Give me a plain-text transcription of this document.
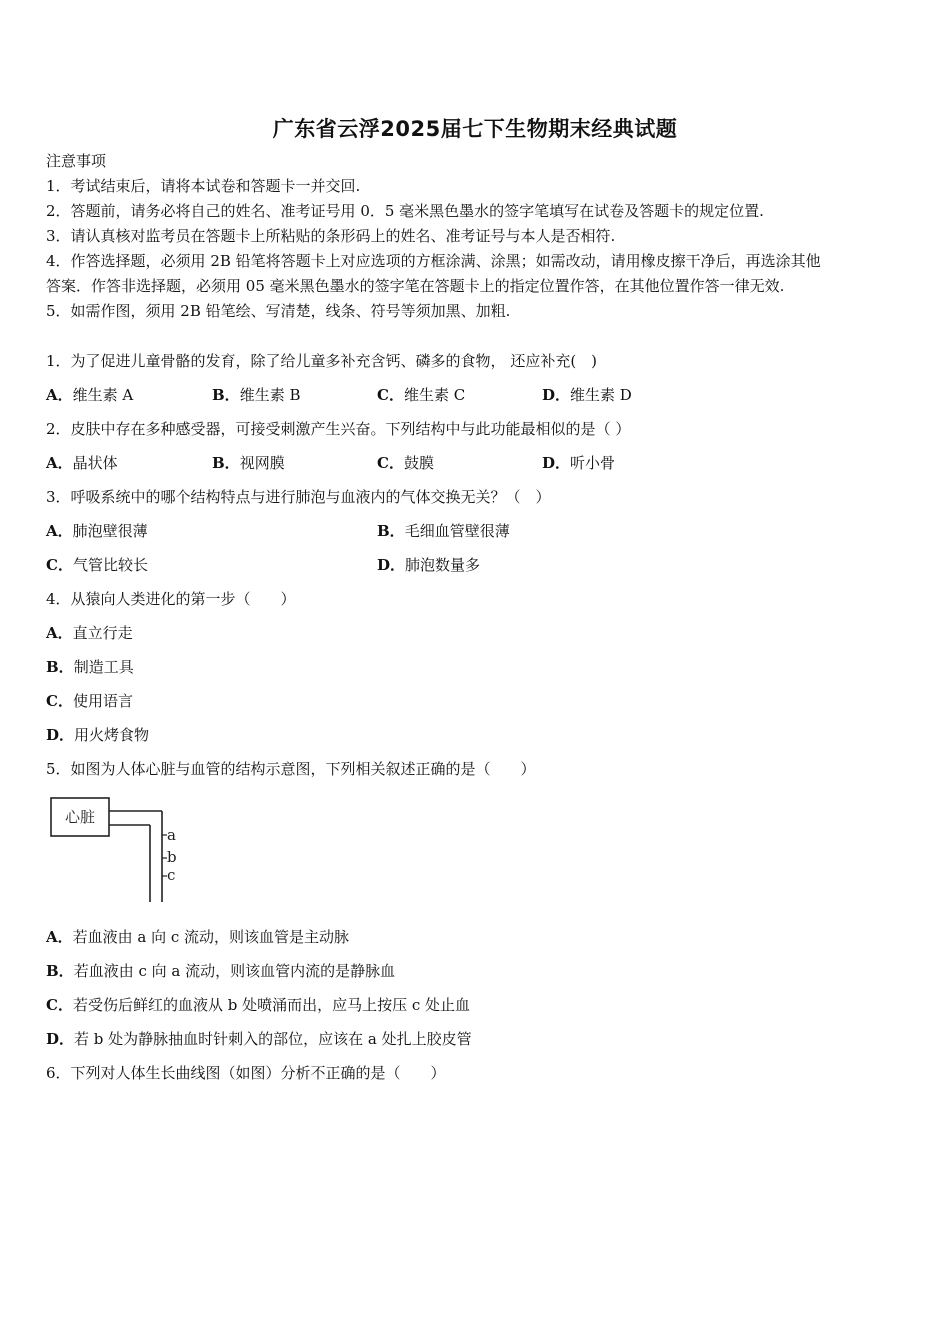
广东省云浮2025届七下生物期末经典试题
注意事项
1．考试结束后，请将本试卷和答题卡一并交回.
2．答题前，请务必将自己的姓名、准考证号用 0．5 毫米黑色墨水的签字笔填写在试卷及答题卡的规定位置.
3．请认真核对监考员在答题卡上所粘贴的条形码上的姓名、准考证号与本人是否相符.
4．作答选择题，必须用 2B 铅笔将答题卡上对应选项的方框涂满、涂黑；如需改动，请用橡皮擦干净后，再选涂其他
答案．作答非选择题，必须用 05 毫米黑色墨水的签字笔在答题卡上的指定位置作答，在其他位置作答一律无效.
5．如需作图，须用 2B 铅笔绘、写清楚，线条、符号等须加黑、加粗.
1．为了促进儿童骨骼的发育，除了给儿童多补充含钙、磷多的食物， 还应补充(　)
A．维生素 A	B．维生素 B	C．维生素 C	D．维生素 D
2．皮肤中存在多种感受器，可接受刺激产生兴奋。下列结构中与此功能最相似的是（ ）
A．晶状体	B．视网膜	C．鼓膜	D．听小骨
3．呼吸系统中的哪个结构特点与进行肺泡与血液内的气体交换无关？（　）
A．肺泡壁很薄	B．毛细血管壁很薄
C．气管比较长	D．肺泡数量多
4．从猿向人类进化的第一步（　　）
A．直立行走
B．制造工具
C．使用语言
D．用火烤食物
5．如图为人体心脏与血管的结构示意图，下列相关叙述正确的是（　　）
心脏
a
b
c
A．若血液由 a 向 c 流动，则该血管是主动脉
B．若血液由 c 向 a 流动，则该血管内流的是静脉血
C．若受伤后鲜红的血液从 b 处喷涌而出，应马上按压 c 处止血
D．若 b 处为静脉抽血时针刺入的部位，应该在 a 处扎上胶皮管
6．下列对人体生长曲线图（如图）分析不正确的是（　　）
